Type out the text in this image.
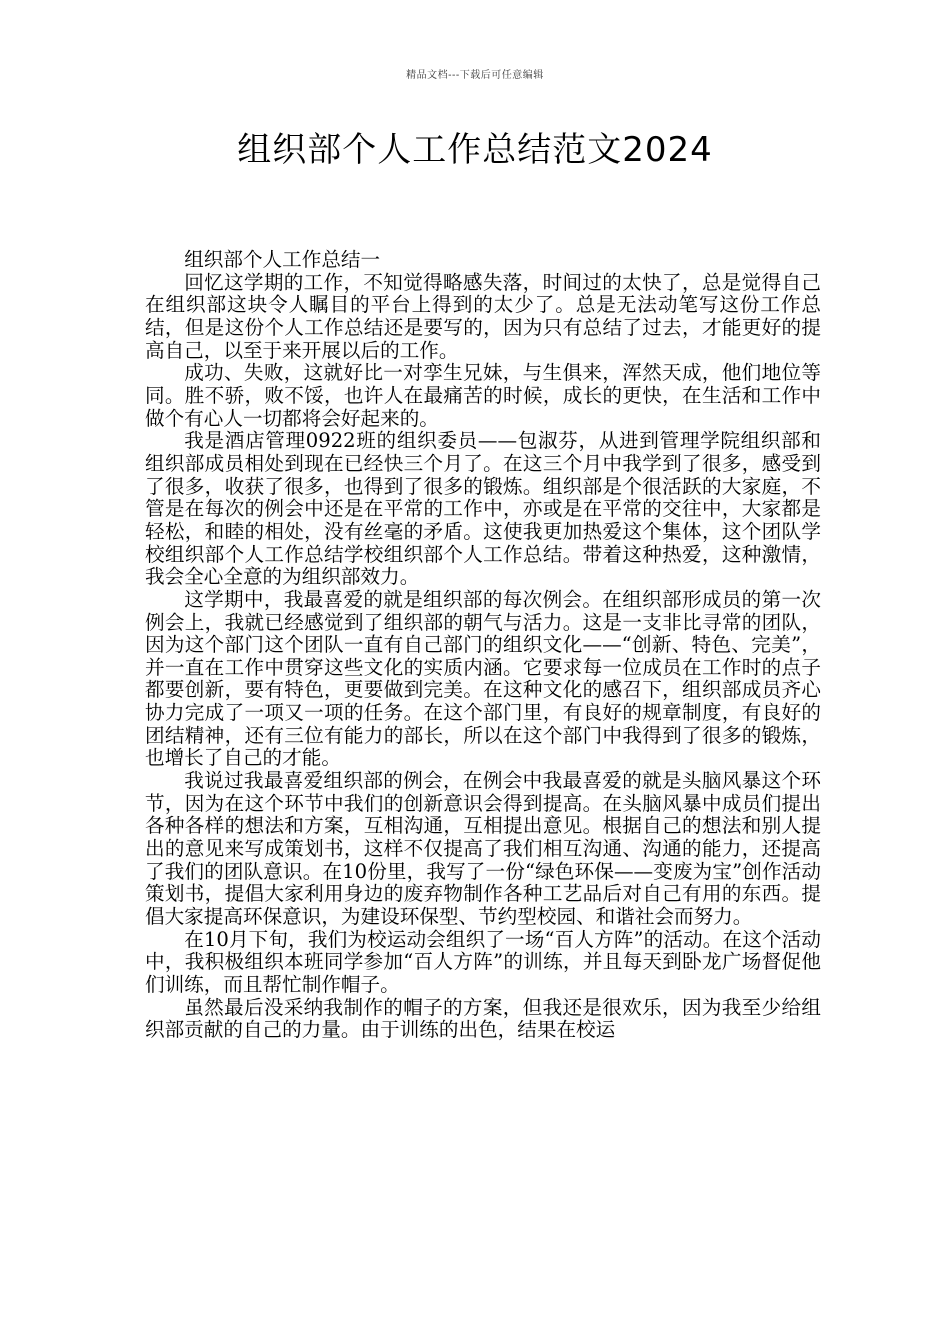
精品文档---下载后可任意编辑
组织部个人工作总结范文2024

组织部个人工作总结一

回忆这学期的工作，不知觉得略感失落，时间过的太快了，总是觉得自己在组织部这块令人瞩目的平台上得到的太少了。总是无法动笔写这份工作总结，但是这份个人工作总结还是要写的，因为只有总结了过去，才能更好的提高自己，以至于来开展以后的工作。

成功、失败，这就好比一对孪生兄妹，与生俱来，浑然天成，他们地位等同。胜不骄，败不馁，也许人在最痛苦的时候，成长的更快，在生活和工作中做个有心人一切都将会好起来的。

我是酒店管理0922班的组织委员——包淑芬，从进到管理学院组织部和组织部成员相处到现在已经快三个月了。在这三个月中我学到了很多，感受到了很多，收获了很多，也得到了很多的锻炼。组织部是个很活跃的大家庭，不管是在每次的例会中还是在平常的工作中，亦或是在平常的交往中，大家都是轻松，和睦的相处，没有丝毫的矛盾。这使我更加热爱这个集体，这个团队学校组织部个人工作总结学校组织部个人工作总结。带着这种热爱，这种激情，我会全心全意的为组织部效力。

这学期中，我最喜爱的就是组织部的每次例会。在组织部形成员的第一次例会上，我就已经感觉到了组织部的朝气与活力。这是一支非比寻常的团队，因为这个部门这个团队一直有自己部门的组织文化——“创新、特色、完美”，并一直在工作中贯穿这些文化的实质内涵。它要求每一位成员在工作时的点子都要创新，要有特色，更要做到完美。在这种文化的感召下，组织部成员齐心协力完成了一项又一项的任务。在这个部门里，有良好的规章制度，有良好的团结精神，还有三位有能力的部长，所以在这个部门中我得到了很多的锻炼，也增长了自己的才能。

我说过我最喜爱组织部的例会，在例会中我最喜爱的就是头脑风暴这个环节，因为在这个环节中我们的创新意识会得到提高。在头脑风暴中成员们提出各种各样的想法和方案，互相沟通，互相提出意见。根据自己的想法和别人提出的意见来写成策划书，这样不仅提高了我们相互沟通、沟通的能力，还提高了我们的团队意识。在10份里，我写了一份“绿色环保——变废为宝”创作活动策划书，提倡大家利用身边的废弃物制作各种工艺品后对自己有用的东西。提倡大家提高环保意识，为建设环保型、节约型校园、和谐社会而努力。

在10月下旬，我们为校运动会组织了一场“百人方阵”的活动。在这个活动中，我积极组织本班同学参加“百人方阵”的训练，并且每天到卧龙广场督促他们训练，而且帮忙制作帽子。

虽然最后没采纳我制作的帽子的方案，但我还是很欢乐，因为我至少给组织部贡献的自己的力量。由于训练的出色，结果在校运
